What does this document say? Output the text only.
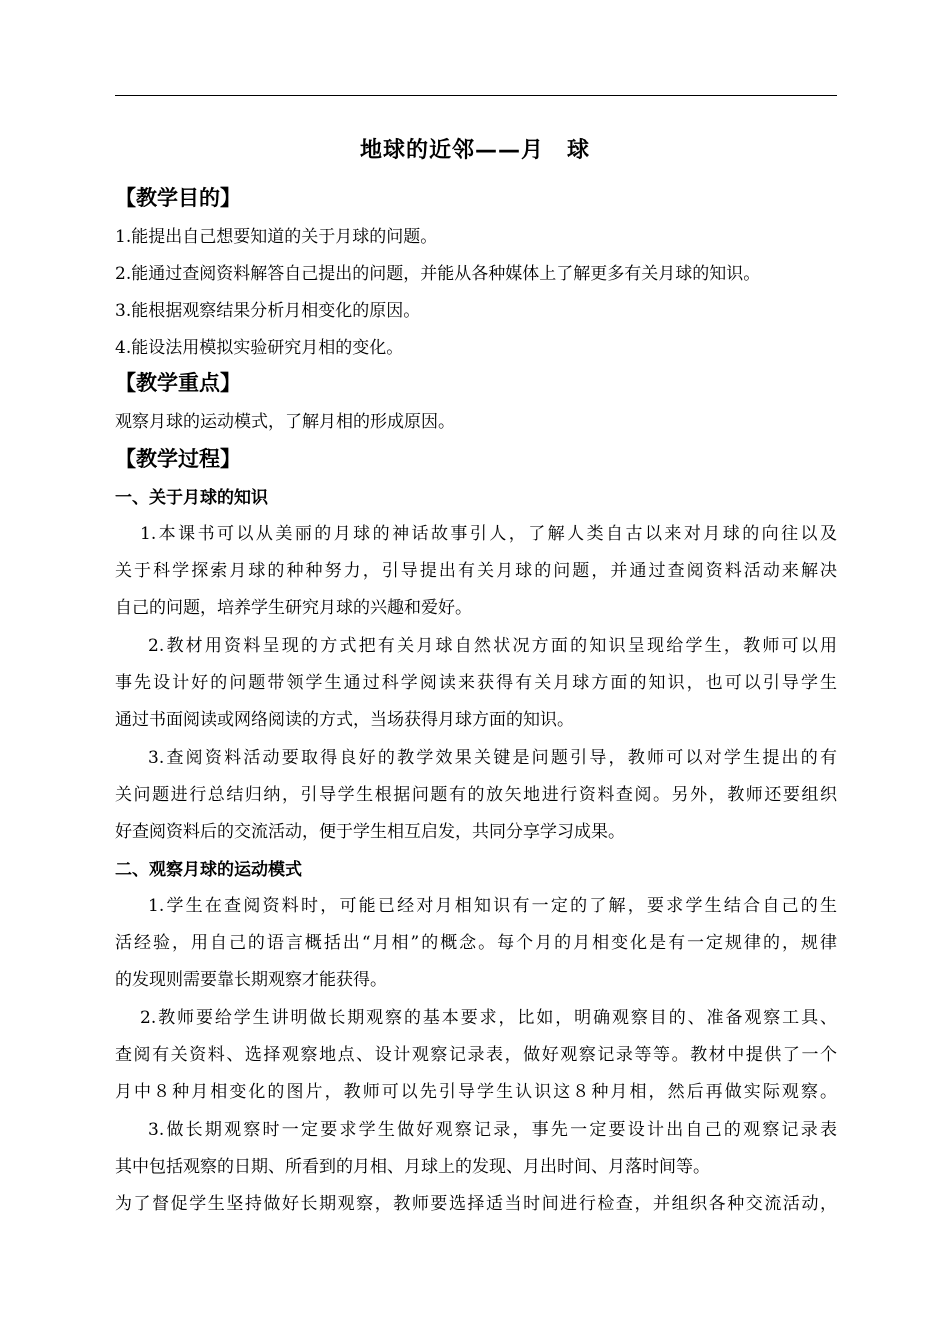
地球的近邻——月　球
【教学目的】
1.能提出自己想要知道的关于月球的问题。
2.能通过查阅资料解答自己提出的问题，并能从各种媒体上了解更多有关月球的知识。
3.能根据观察结果分析月相变化的原因。
4.能设法用模拟实验研究月相的变化。
【教学重点】
观察月球的运动模式，了解月相的形成原因。
【教学过程】
一、关于月球的知识
1.本课书可以从美丽的月球的神话故事引人，了解人类自古以来对月球的向往以及
关于科学探索月球的种种努力，引导提出有关月球的问题，并通过查阅资料活动来解决
自己的问题，培养学生研究月球的兴趣和爱好。
2.教材用资料呈现的方式把有关月球自然状况方面的知识呈现给学生，教师可以用
事先设计好的问题带领学生通过科学阅读来获得有关月球方面的知识，也可以引导学生
通过书面阅读或网络阅读的方式，当场获得月球方面的知识。
3.查阅资料活动要取得良好的教学效果关键是问题引导，教师可以对学生提出的有
关问题进行总结归纳，引导学生根据问题有的放矢地进行资料查阅。另外，教师还要组织
好查阅资料后的交流活动，便于学生相互启发，共同分享学习成果。
二、观察月球的运动模式
1.学生在查阅资料时，可能已经对月相知识有一定的了解，要求学生结合自己的生
活经验，用自己的语言概括出“月相”的概念。每个月的月相变化是有一定规律的，规律
的发现则需要靠长期观察才能获得。
2.教师要给学生讲明做长期观察的基本要求，比如，明确观察目的、准备观察工具、
查阅有关资料、选择观察地点、设计观察记录表，做好观察记录等等。教材中提供了一个
月中８种月相变化的图片，教师可以先引导学生认识这８种月相，然后再做实际观察。
3.做长期观察时一定要求学生做好观察记录，事先一定要设计出自己的观察记录表
其中包括观察的日期、所看到的月相、月球上的发现、月出时间、月落时间等。
为了督促学生坚持做好长期观察，教师要选择适当时间进行检查，并组织各种交流活动，
